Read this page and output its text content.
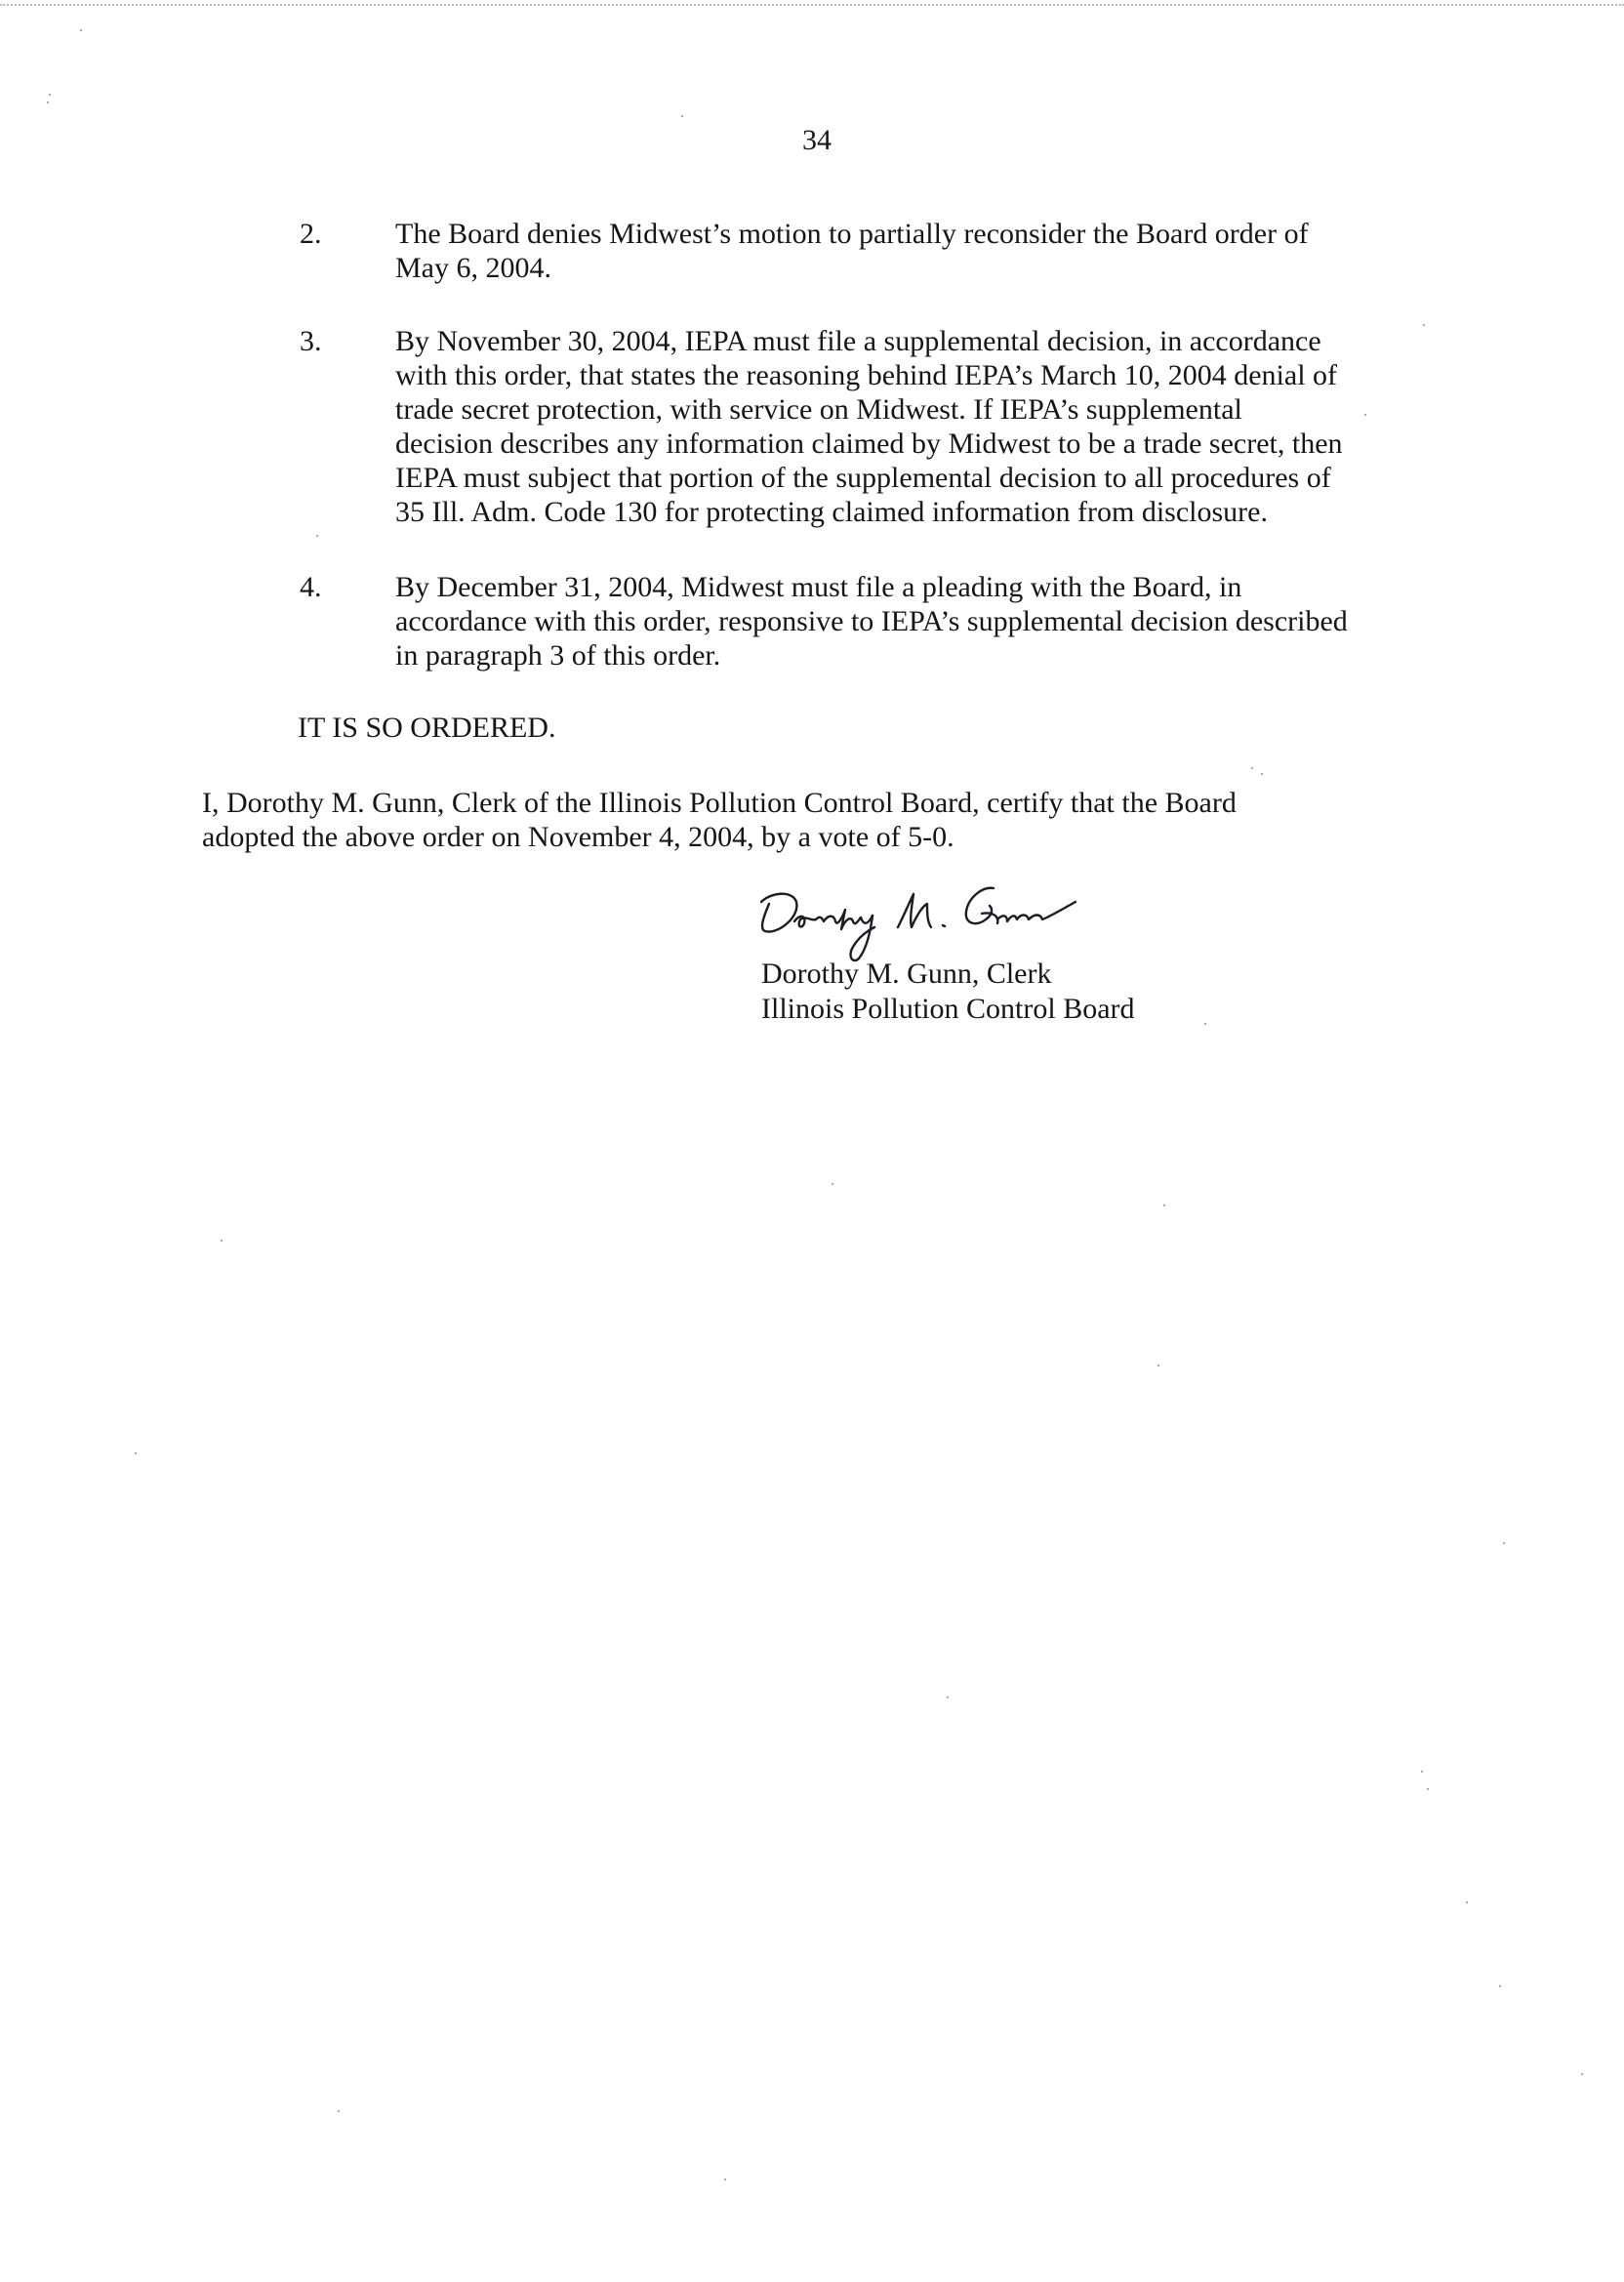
34
2.	The Board denies Midwest’s motion to partially reconsider the Board order of
May 6, 2004.
3.	By November 30, 2004, IEPA must file a supplemental decision, in accordance
with this order, that states the reasoning behind IEPA’s March 10, 2004 denial of
trade secret protection, with service on Midwest. If IEPA’s supplemental
decision describes any information claimed by Midwest to be a trade secret, then
IEPA must subject that portion of the supplemental decision to all procedures of
35 Ill. Adm. Code 130 for protecting claimed information from disclosure.
4.	By December 31, 2004, Midwest must file a pleading with the Board, in
accordance with this order, responsive to IEPA’s supplemental decision described
in paragraph 3 of this order.
IT IS SO ORDERED.
I, Dorothy M. Gunn, Clerk of the Illinois Pollution Control Board, certify that the Board
adopted the above order on November 4, 2004, by a vote of 5-0.
Dorothy M. Gunn, Clerk
Illinois Pollution Control Board
